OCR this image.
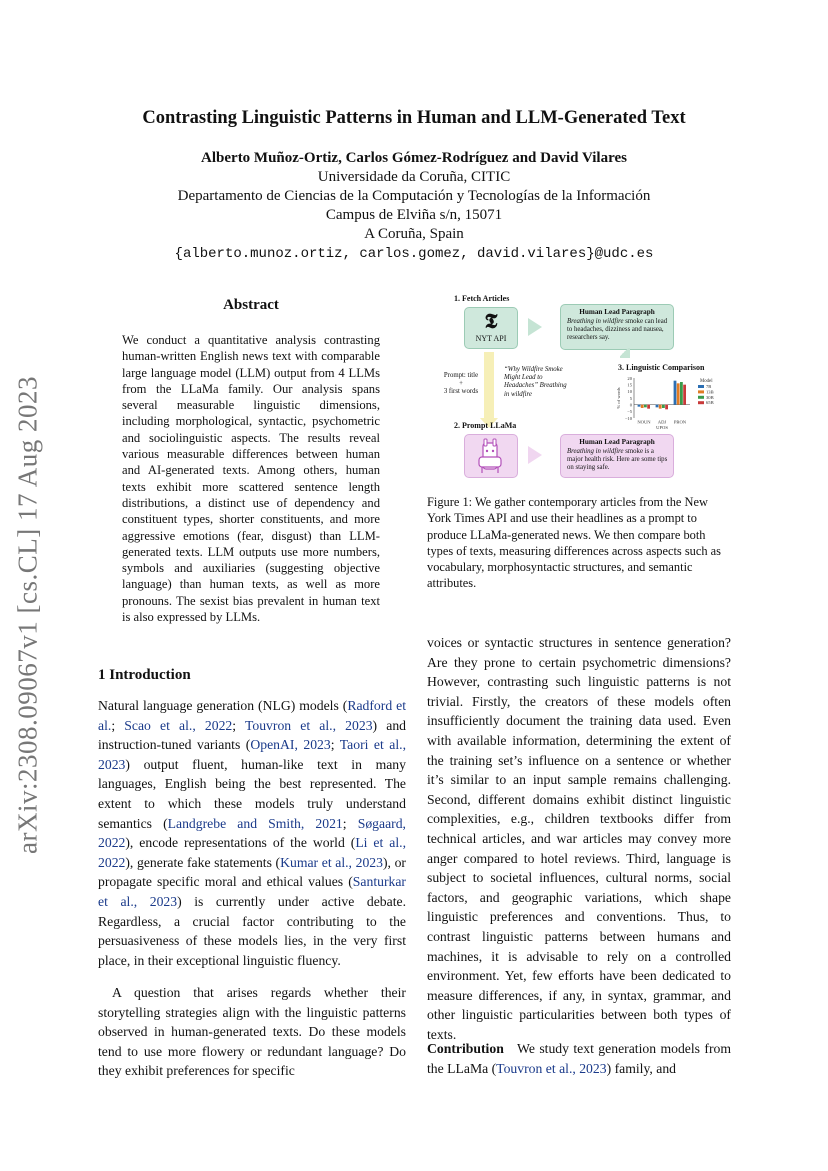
Contrasting Linguistic Patterns in Human and LLM-Generated Text
Alberto Muñoz-Ortiz, Carlos Gómez-Rodríguez and David Vilares
Universidade da Coruña, CITIC
Departamento de Ciencias de la Computación y Tecnologías de la Información
Campus de Elviña s/n, 15071
A Coruña, Spain
{alberto.munoz.ortiz, carlos.gomez, david.vilares}@udc.es
arXiv:2308.09067v1 [cs.CL] 17 Aug 2023
Abstract
We conduct a quantitative analysis contrasting human-written English news text with comparable large language model (LLM) output from 4 LLMs from the LLaMa family. Our analysis spans several measurable linguistic dimensions, including morphological, syntactic, psychometric and sociolinguistic aspects. The results reveal various measurable differences between human and AI-generated texts. Among others, human texts exhibit more scattered sentence length distributions, a distinct use of dependency and constituent types, shorter constituents, and more aggressive emotions (fear, disgust) than LLM-generated texts. LLM outputs use more numbers, symbols and auxiliaries (suggesting objective language) than human texts, as well as more pronouns. The sexist bias prevalent in human text is also expressed by LLMs.
1 Introduction
Natural language generation (NLG) models (Radford et al.; Scao et al., 2022; Touvron et al., 2023) and instruction-tuned variants (OpenAI, 2023; Taori et al., 2023) output fluent, human-like text in many languages, English being the best represented. The extent to which these models truly understand semantics (Landgrebe and Smith, 2021; Søgaard, 2022), encode representations of the world (Li et al., 2022), generate fake statements (Kumar et al., 2023), or propagate specific moral and ethical values (Santurkar et al., 2023) is currently under active debate. Regardless, a crucial factor contributing to the persuasiveness of these models lies, in the very first place, in their exceptional linguistic fluency.
A question that arises regards whether their storytelling strategies align with the linguistic patterns observed in human-generated texts. Do these models tend to use more flowery or redundant language? Do they exhibit preferences for specific
voices or syntactic structures in sentence generation? Are they prone to certain psychometric dimensions? However, contrasting such linguistic patterns is not trivial. Firstly, the creators of these models often insufficiently document the training data used. Even with available information, determining the extent of the training set’s influence on a sentence or whether it’s similar to an input sample remains challenging. Second, different domains exhibit distinct linguistic complexities, e.g., children textbooks differ from technical articles, and war articles may convey more anger compared to hotel reviews. Third, language is subject to societal influences, cultural norms, social factors, and geographic variations, which shape linguistic preferences and conventions. Thus, to contrast linguistic patterns between humans and machines, it is advisable to rely on a controlled environment. Yet, few efforts have been dedicated to measure differences, if any, in syntax, grammar, and other linguistic particularities between both types of texts.
Contribution We study text generation models from the LLaMa (Touvron et al., 2023) family, and
1. Fetch Articles
𝕿
NYT API
Human Lead Paragraph
Breathing in wildfire smoke can lead to headaches, dizziness and nausea, researchers say.
3. Linguistic Comparison
Prompt: title
+
3 first words
“Why Wildfire Smoke Might Lead to Headaches” Breathing in wildfire
2. Prompt LLaMa
Human Lead Paragraph
Breathing in wildfire smoke is a major health risk. Here are some tips on staying safe.
20
15
10
5
0
−5
−10
% of words
NOUN ADJ PRON
UPOS
Model
7B
13B
30B
65B
Figure 1: We gather contemporary articles from the New York Times API and use their headlines as a prompt to produce LLaMa-generated news. We then compare both types of texts, measuring differences across aspects such as vocabulary, morphosyntactic structures, and semantic attributes.
